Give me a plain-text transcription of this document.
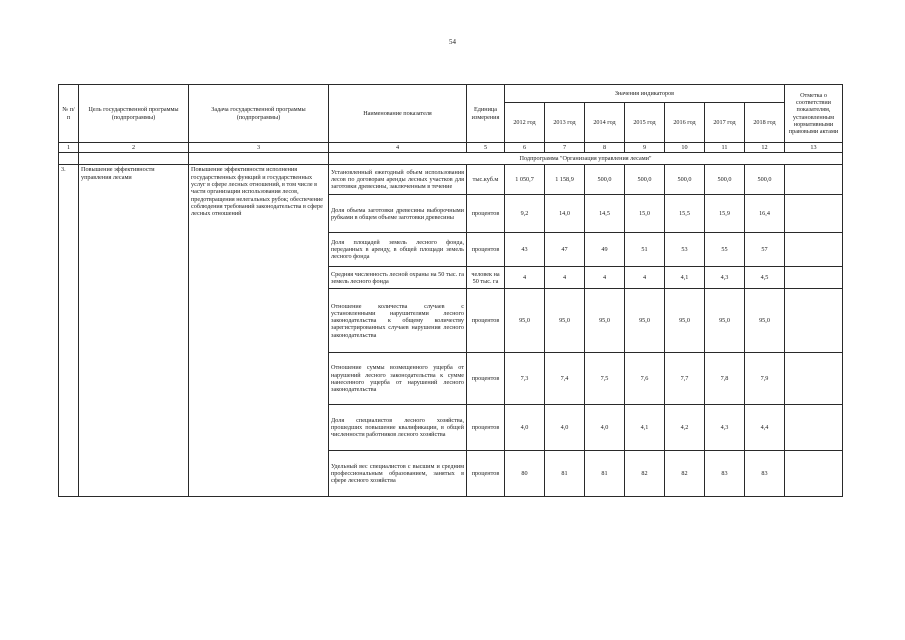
54
№ п/п	Цель государственной программы (подпрограммы)	Задача государственной программы (подпрограммы)	Наименование показателя	Единица измерения	Значения индикаторов							Отметка о соответствии показателям, установленным нормативными правовыми актами
					2012 год	2013 год	2014 год	2015 год	2016 год	2017 год	2018 год	
1	2	3	4	5	6	7	8	9	10	11	12	13
			Подпрограмма "Организация управления лесами"									
3.	Повышение эффективности управления лесами	Повышение эффективности исполнения государственных функций и государственных услуг в сфере лесных отношений, в том числе в части организации использования лесов, предотвращения нелегальных рубок; обеспечение соблюдения требований законодательства в сфере лесных отношений	Установленный ежегодный объем использования лесов по договорам аренды лесных участков для заготовки древесины, заключенным в течение	тыс.куб.м	1 050,7	1 158,9	500,0	500,0	500,0	500,0	500,0	

			Доля объема заготовки древесины выборочными рубками в общем объеме заготовки древесины	процентов	9,2	14,0	14,5	15,0	15,5	15,9	16,4	

			Доля площадей земель лесного фонда, переданных в аренду, в общей площади земель лесного фонда	процентов	43	47	49	51	53	55	57	

			Средняя численность лесной охраны на 50 тыс. га земель лесного фонда	человек на 50 тыс. га	4	4	4	4	4,1	4,3	4,5	

			Отношение количества случаев с установленными нарушителями лесного законодательства к общему количеству зарегистрированных случаев нарушения лесного законодательства	процентов	95,0	95,0	95,0	95,0	95,0	95,0	95,0	

			Отношение суммы возмещенного ущерба от нарушений лесного законодательства к сумме нанесенного ущерба от нарушений лесного законодательства	процентов	7,3	7,4	7,5	7,6	7,7	7,8	7,9	

			Доля специалистов лесного хозяйства, прошедших повышение квалификации, в общей численности работников лесного хозяйства	процентов	4,0	4,0	4,0	4,1	4,2	4,3	4,4	

			Удельный вес специалистов с высшим и средним профессиональным образованием, занятых в сфере лесного хозяйства	процентов	80	81	81	82	82	83	83	
